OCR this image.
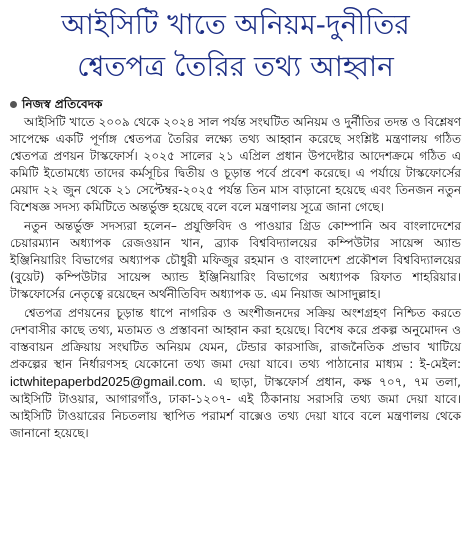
আইসিটি খাতে অনিয়ম-দুনীতির
শ্বেতপত্র তৈরির তথ্য আহ্বান
নিজস্ব প্রতিবেদক

আইসিটি খাতে ২০০৯ থেকে ২০২৪ সাল পর্যন্ত সংঘটিত অনিয়ম ও দুর্নীতির তদন্ত ও বিশ্লেষণ সাপেক্ষে একটি পূর্ণাঙ্গ শ্বেতপত্র তৈরির লক্ষ্যে তথ্য আহ্বান করেছে সংশ্লিষ্ট মন্ত্রণালয় গঠিত শ্বেতপত্র প্রণয়ন টাস্কফোর্স। ২০২৫ সালের ২১ এপ্রিল প্রধান উপদেষ্টার আদেশক্রমে গঠিত এ কমিটি ইতোমধ্যে তাদের কর্মসূচির দ্বিতীয় ও চূড়ান্ত পর্বে প্রবেশ করেছে। এ পর্যায়ে টাস্কফোর্সের মেয়াদ ২২ জুন থেকে ২১ সেপ্টেম্বর-২০২৫ পর্যন্ত তিন মাস বাড়ানো হয়েছে এবং তিনজন নতুন বিশেষজ্ঞ সদস্য কমিটিতে অন্তর্ভুক্ত হয়েছে বলে বলে মন্ত্রণালয় সূত্রে জানা গেছে।

নতুন অন্তর্ভুক্ত সদস্যরা হলেন– প্রযুক্তিবিদ ও পাওয়ার গ্রিড কোম্পানি অব বাংলাদেশের চেয়ারম্যান অধ্যাপক রেজওয়ান খান, ব্র্যাক বিশ্ববিদ্যালয়ের কম্পিউটার সায়েন্স অ্যান্ড ইঞ্জিনিয়ারিং বিভাগের অধ্যাপক চৌধুরী মফিজুর রহমান ও বাংলাদেশ প্রকৌশল বিশ্ববিদ্যালয়ের (বুয়েট) কম্পিউটার সায়েন্স অ্যান্ড ইঞ্জিনিয়ারিং বিভাগের অধ্যাপক রিফাত শাহরিয়ার। টাস্কফোর্সের নেতৃত্বে রয়েছেন অর্থনীতিবিদ অধ্যাপক ড. এম নিয়াজ আসাদুল্লাহ।

শ্বেতপত্র প্রণয়নের চূড়ান্ত ধাপে নাগরিক ও অংশীজনদের সক্রিয় অংশগ্রহণ নিশ্চিত করতে দেশবাসীর কাছে তথ্য, মতামত ও প্রস্তাবনা আহ্বান করা হয়েছে। বিশেষ করে প্রকল্প অনুমোদন ও বাস্তবায়ন প্রক্রিয়ায় সংঘটিত অনিয়ম যেমন, টেন্ডার কারসাজি, রাজনৈতিক প্রভাব খাটিয়ে প্রকল্পের স্থান নির্ধারণসহ যেকোনো তথ্য জমা দেয়া যাবে। তথ্য পাঠানোর মাধ্যম : ই-মেইল: ictwhitepaperbd2025@gmail.com. এ ছাড়া, টাস্কফোর্স প্রধান, কক্ষ ৭০৭, ৭ম তলা, আইসিটি টাওয়ার, আগারগাঁও, ঢাকা-১২০৭- এই ঠিকানায় সরাসরি তথ্য জমা দেয়া যাবে। আইসিটি টাওয়ারের নিচতলায় স্থাপিত পরামর্শ বাক্সেও তথ্য দেয়া যাবে বলে মন্ত্রণালয় থেকে জানানো হয়েছে।
